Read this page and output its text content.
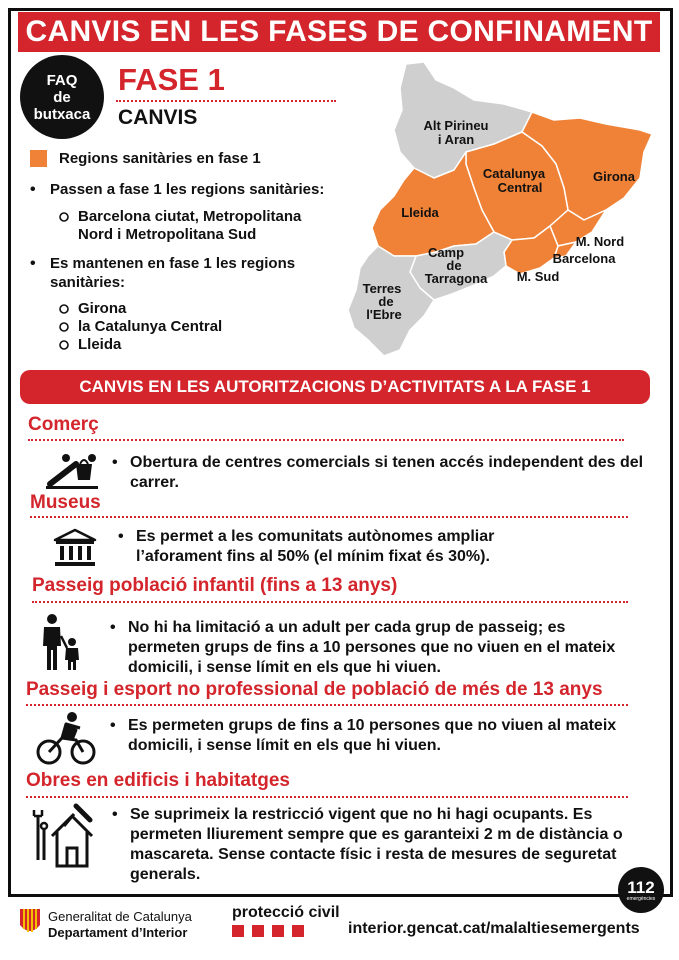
CANVIS EN LES FASES DE CONFINAMENT
FAQ
de
butxaca
FASE 1
CANVIS
Regions sanitàries en fase 1
• Passen a fase 1 les regions sanitàries:
Barcelona ciutat, Metropolitana Nord i Metropolitana Sud
• Es mantenen en fase 1 les regions sanitàries:
Girona
la Catalunya Central
Lleida
Alt Pirineu
i Aran
Catalunya
Central
Girona
Lleida
M. Nord
Barcelona
M. Sud
Camp
de
Tarragona
Terres
de
l'Ebre
CANVIS EN LES AUTORITZACIONS D’ACTIVITATS A LA FASE 1
Comerç
• Obertura de centres comercials si tenen accés independent des del carrer.
Museus
• Es permet a les comunitats autònomes ampliar l’aforament fins al 50% (el mínim fixat és 30%).
Passeig població infantil (fins a 13 anys)
• No hi ha limitació a un adult per cada grup de passeig; es permeten grups de fins a 10 persones que no viuen en el mateix domicili, i sense límit en els que hi viuen.
Passeig i esport no professional de població de més de 13 anys
• Es permeten grups de fins a 10 persones que no viuen al mateix domicili, i sense límit en els que hi viuen.
Obres en edificis i habitatges
• Se suprimeix la restricció vigent que no hi hagi ocupants. Es permeten lliurement sempre que es garanteixi 2 m de distància o mascareta. Sense contacte físic i resta de mesures de seguretat generals.
112
emergències
Generalitat de Catalunya
Departament d’Interior
protecció civil
interior.gencat.cat/malaltiesemergents
